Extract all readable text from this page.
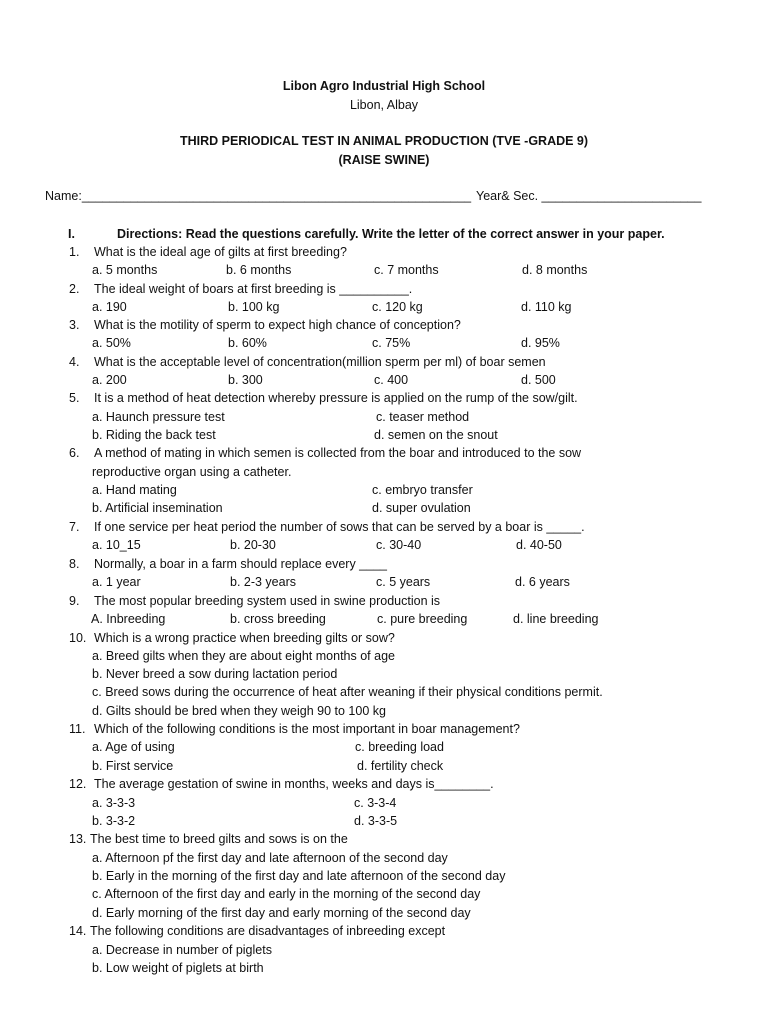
Libon Agro Industrial High School
Libon, Albay
THIRD PERIODICAL TEST IN ANIMAL PRODUCTION (TVE -GRADE 9)
(RAISE SWINE)
Name:________________________________________________________ Year& Sec. _______________________
I.	Directions: Read the questions carefully. Write the letter of the correct answer in your paper.
1. What is the ideal age of gilts at first breeding?
a. 5 months	b. 6 months	c. 7 months	d. 8 months
2. The ideal weight of boars at first breeding is __________.
a. 190	b. 100 kg	c. 120 kg	d. 110 kg
3. What is the motility of sperm to expect high chance of conception?
a. 50%	b. 60%	c. 75%	d. 95%
4. What is the acceptable level of concentration(million sperm per ml) of boar semen
a. 200	b. 300	c. 400	d. 500
5. It is a method of heat detection whereby pressure is applied on the rump of the sow/gilt.
a. Haunch pressure test	c. teaser method
b. Riding the back test	d. semen on the snout
6. A method of mating in which semen is collected from the boar and introduced to the sow
reproductive organ using a catheter.
a. Hand mating	c. embryo transfer
b. Artificial insemination	d. super ovulation
7. If one service per heat period the number of sows that can be served by a boar is _____.
a. 10_15	b. 20-30	c. 30-40	d. 40-50
8. Normally, a boar in a farm should replace every ____
a. 1 year	b. 2-3 years	c. 5 years	d. 6 years
9. The most popular breeding system used in swine production is
A. Inbreeding	b. cross breeding	c. pure breeding	d. line breeding
10. Which is a wrong practice when breeding gilts or sow?
a. Breed gilts when they are about eight months of age
b. Never breed a sow during lactation period
c. Breed sows during the occurrence of heat after weaning if their physical conditions permit.
d. Gilts should be bred when they weigh 90 to 100 kg
11. Which of the following conditions is the most important in boar management?
a. Age of using	c. breeding load
b. First service	d. fertility check
12. The average gestation of swine in months, weeks and days is________.
a. 3-3-3	c. 3-3-4
b. 3-3-2	d. 3-3-5
13. The best time to breed gilts and sows is on the
a. Afternoon pf the first day and late afternoon of the second day
b. Early in the morning of the first day and late afternoon of the second day
c. Afternoon of the first day and early in the morning of the second day
d. Early morning of the first day and early morning of the second day
14. The following conditions are disadvantages of inbreeding except
a. Decrease in number of piglets
b. Low weight of piglets at birth
